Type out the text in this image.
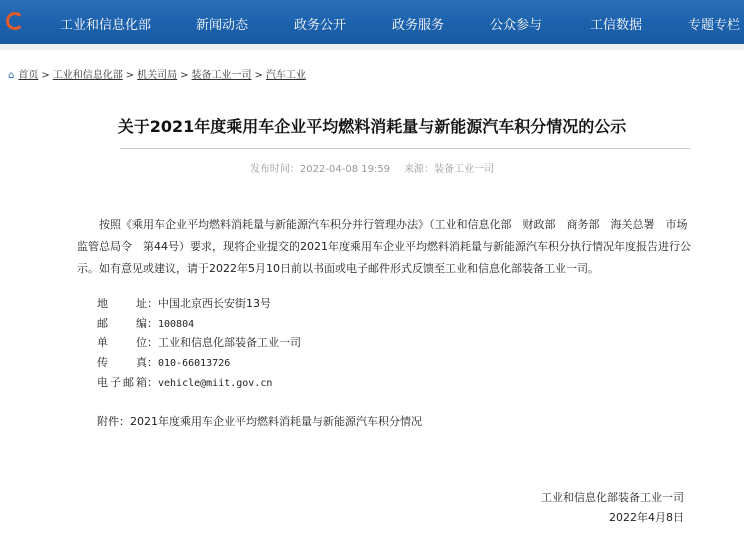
工业和信息化部	新闻动态	政务公开	政务服务	公众参与	工信数据	专题专栏
⌂ 首页 > 工业和信息化部 > 机关司局 > 装备工业一司 > 汽车工业
关于2021年度乘用车企业平均燃料消耗量与新能源汽车积分情况的公示
发布时间：2022-04-08 19:59 来源：装备工业一司

按照《乘用车企业平均燃料消耗量与新能源汽车积分并行管理办法》（工业和信息化部　财政部　商务部　海关总署　市场监管总局令　第44号）要求，现将企业提交的2021年度乘用车企业平均燃料消耗量与新能源汽车积分执行情况年度报告进行公示。如有意见或建议，请于2022年5月10日前以书面或电子邮件形式反馈至工业和信息化部装备工业一司。

地址：中国北京西长安街13号
邮编：100804
单位：工业和信息化部装备工业一司
传真：010-66013726
电子邮箱：vehicle@miit.gov.cn
附件：2021年度乘用车企业平均燃料消耗量与新能源汽车积分情况
工业和信息化部装备工业一司
2022年4月8日
